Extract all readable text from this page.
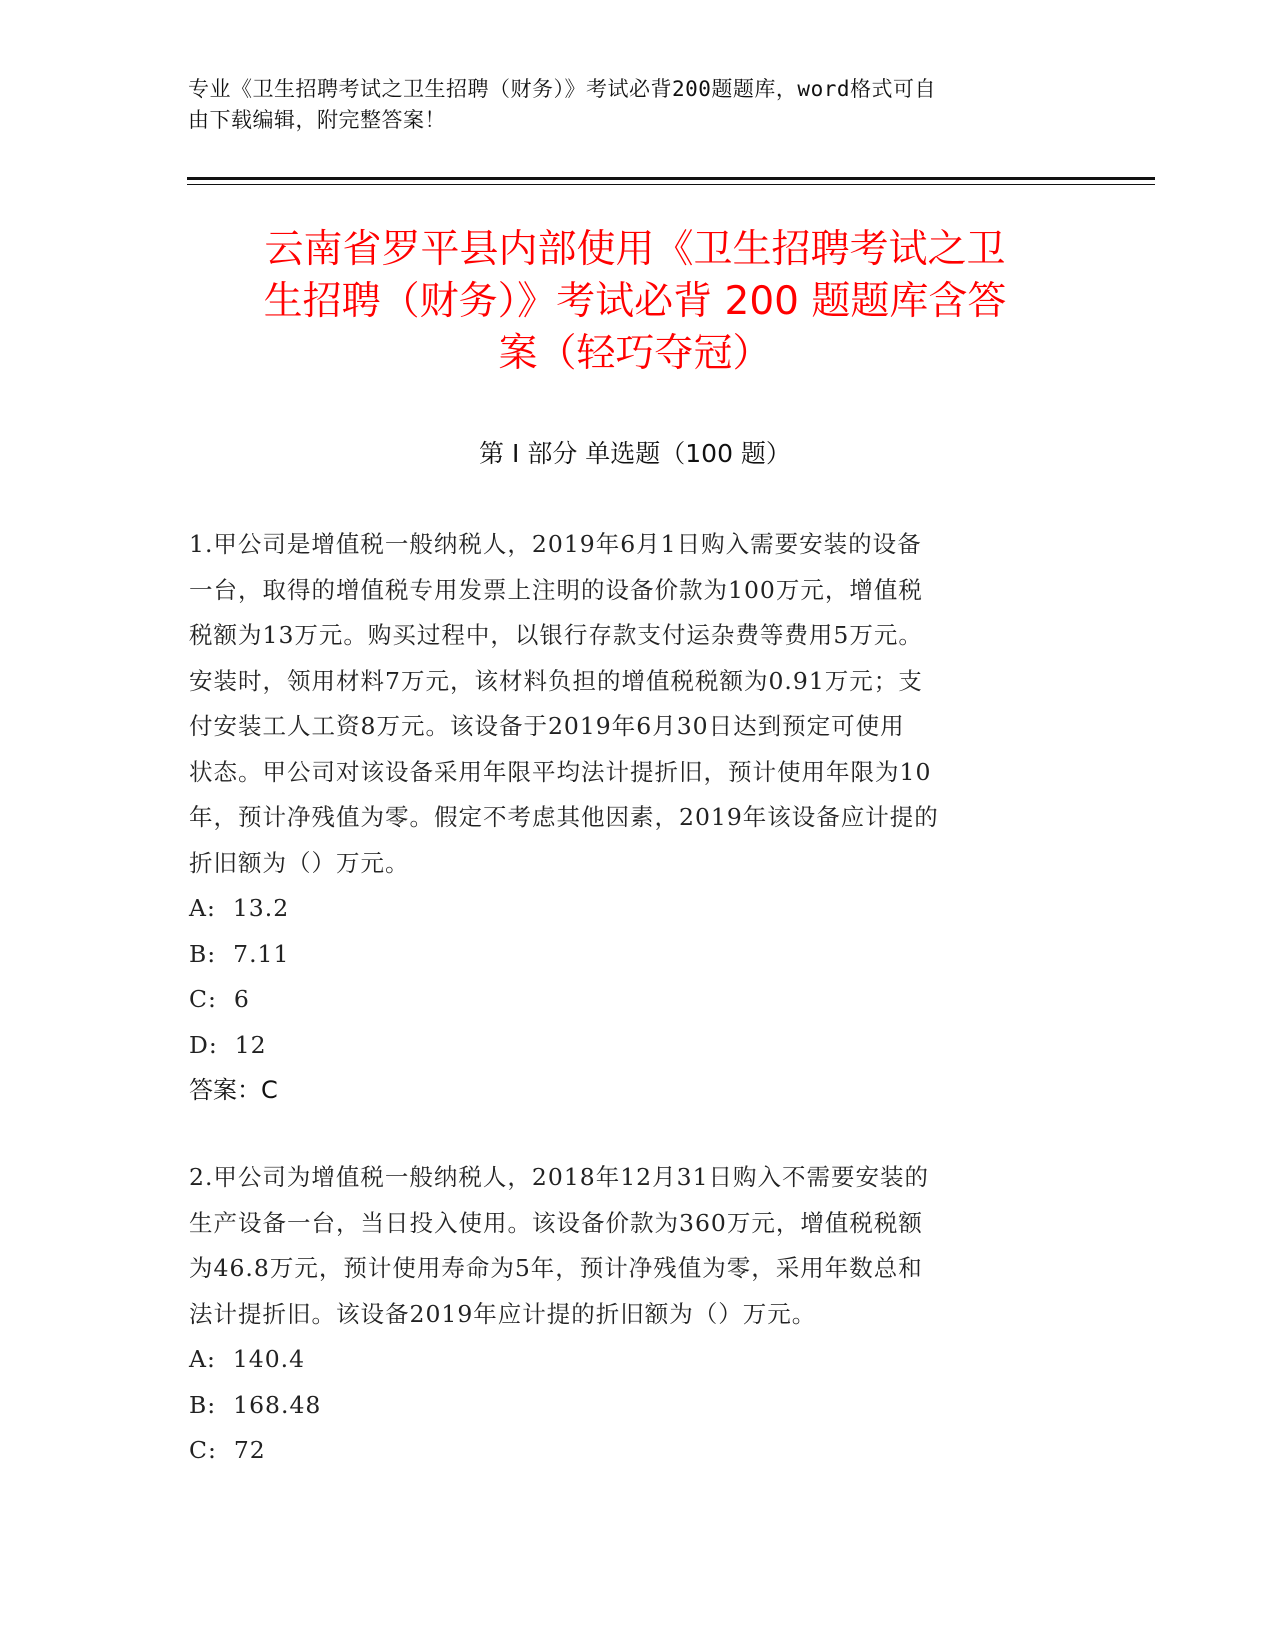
专业《卫生招聘考试之卫生招聘（财务）》考试必背200题题库，word格式可自
由下载编辑，附完整答案！
云南省罗平县内部使用《卫生招聘考试之卫
生招聘（财务）》考试必背 200 题题库含答
案（轻巧夺冠）
第 I 部分 单选题（100 题）
1.甲公司是增值税一般纳税人，2019年6月1日购入需要安装的设备
一台，取得的增值税专用发票上注明的设备价款为100万元，增值税
税额为13万元。购买过程中，以银行存款支付运杂费等费用5万元。
安装时，领用材料7万元，该材料负担的增值税税额为0.91万元；支
付安装工人工资8万元。该设备于2019年6月30日达到预定可使用
状态。甲公司对该设备采用年限平均法计提折旧，预计使用年限为10
年，预计净残值为零。假定不考虑其他因素，2019年该设备应计提的
折旧额为（）万元。
A:  13.2
B:  7.11
C:  6
D:  12
答案：C
2.甲公司为增值税一般纳税人，2018年12月31日购入不需要安装的
生产设备一台，当日投入使用。该设备价款为360万元，增值税税额
为46.8万元，预计使用寿命为5年，预计净残值为零，采用年数总和
法计提折旧。该设备2019年应计提的折旧额为（）万元。
A:  140.4
B:  168.48
C:  72
